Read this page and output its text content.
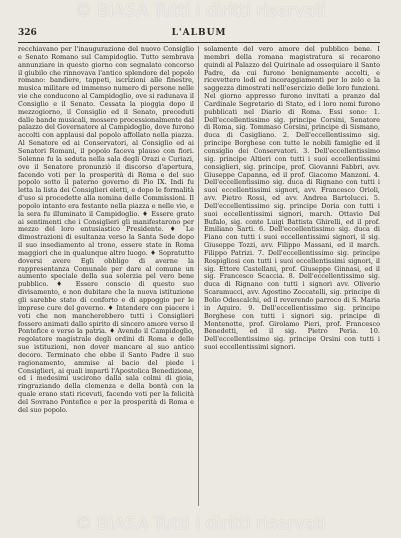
© BiASA Tutti i diritti riservati
326	L'ALBUM

recchiavano per l'inaugurazione del nuovo Consiglio e Senato Romano sul Campidoglio. Tutto sembrava annunziare in questo giorno con segnalato concorso il giubilo che rinnovava l'antico splendore del popolo romano: bandiere, tappeti, iscrizioni alle finestre, musica militare ed immenso numero di persone nelle vie che conducono al Campidoglio, ove si radunava il Consiglio e il Senato. Cessata la pioggia dopo il mezzogiorno, il Consiglio ed il Senato, preceduti dalle bande musicali, mossero processionalmente dal palazzo del Governatore al Campidoglio, dove furono accolti con applausi dal popolo affollato nella piazza. Al Senatore ed ai Conservatori, al Consiglio ed ai Senatori Romani, il popolo faceva plauso con fiori. Solenne fu la seduta nella sala degli Orazi e Curiazi, ove il Senatore pronunziò il discorso d'apertura, facendo voti per la prosperità di Roma e del suo popolo sotto il paterno governo di Pio IX. Indi fu letta la lista dei Consiglieri eletti, e dopo le formalità d'uso si procedette alla nomina delle Commissioni. Il popolo intanto era festante nella piazza e nelle vie, e la sera fu illuminato il Campidoglio. ♦ Essere grato ai sentimenti che i Consiglieri gli manifestarono per mezzo del loro entusiastico Presidente. ♦ Le dimostrazioni di esultanza verso la Santa Sede dopo il suo insediamento al trono, essere state in Roma maggiori che in qualunque altro luogo. ♦ Sopratutto doversi avere Egli obbligo di averne la rappresentanza Comunale per dare al comune un aumento speciale della sua solerzia pel vero bene pubblico. ♦ Essere conscio di questo suo divisamento, e non dubitare che la nuova istituzione gli sarebbe stato di conforto e di appoggio per le imprese cure del governo. ♦ Intendere con piacere i voti che non mancherebbero tutti i Consiglieri fossero animati dallo spirito di sincero amore verso il Pontefice e verso la patria. ♦ Avendo il Campidoglio, regolatore magistrale degli ordini di Roma e delle sue istituzioni, non dover mancare al suo antico decoro. Terminato che ebbe il Santo Padre il suo ragionamento, ammise al bacio del piede i Consiglieri, ai quali impartì l'Apostolica Benedizione, ed i medesimi uscirono dalla sala colmi di gioia, ringraziando della clemenza e della bontà con la quale erano stati ricevuti, facendo voti per la felicità del Sovrano Pontefice e per la prosperità di Roma e del suo popolo.

solamente del vero amore del pubblico bene. I membri della romana magistratura si recarono quindi al Palazzo del Quirinale ad ossequiare il Santo Padre, da cui furono benignamente accolti, e ricevettero lodi ed incoraggiamenti per lo zelo e la saggezza dimostrati nell'esercizio delle loro funzioni. Nel giorno appresso furono invitati a pranzo dal Cardinale Segretario di Stato, ed i loro nomi furono pubblicati nel Diario di Roma. Essi sono: 1. Dell'eccellentissimo sig. principe Corsini, Senatore di Roma, sig. Tommaso Corsini, principe di Sismano, duca di Casigliano. 2. Dell'eccellentissimo sig. principe Borghese con tutte le nobili famiglie ed il consiglio dei Conservatori. 3. Dell'eccellentissimo sig. principe Altieri con tutti i suoi eccellentissimi consiglieri, sig. principe, prof. Giovanni Fabbri, avv. Giuseppe Capanna, ed il prof. Giacomo Manzoni. 4. Dell'eccellentissimo sig. duca di Rignano con tutti i suoi eccellentissimi signori, avv. Francesco Orioli, avv. Pietro Rossi, ed avv. Andrea Bartolucci. 5. Dell'eccellentissimo sig. principe Doria con tutti i suoi eccellentissimi signori, march. Ottavio Del Bufalo, sig. conte Luigi Battista Ghirelli, ed il prof. Emiliano Sarti. 6. Dell'eccellentissimo sig. duca di Fiano con tutti i suoi eccellentissimi signori, il sig. Giuseppe Tozzi, avv. Filippo Massani, ed il march. Filippo Patrizi. 7. Dell'eccellentissimo sig. principe Rospigliosi con tutti i suoi eccellentissimi signori, il sig. Ettore Castellani, prof. Giuseppe Ginnasi, ed il sig. Francesco Scaccia. 8. Dell'eccellentissimo sig. duca di Rignano con tutti i signori avv. Oliverio Scaramucci, avv. Agostino Zoccatelli, sig. principe di Bolio Odescalchi, ed il reverendo parroco di S. Maria in Aquiro. 9. Dell'eccellentissimo sig. principe Borghese con tutti i signori sig. principe di Montenotte, prof. Girolamo Pieri, prof. Francesco Benedetti, ed il sig. Pietro Peria. 10. Dell'eccellentissimo sig. principe Orsini con tutti i suoi eccellentissimi signori.

© BiASA Tutti i diritti riservati
